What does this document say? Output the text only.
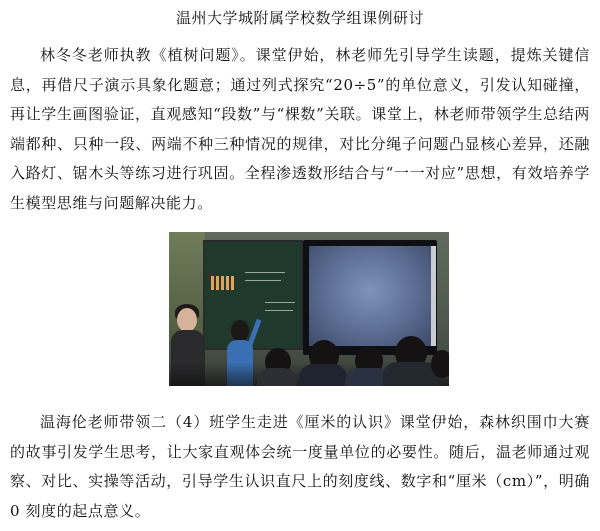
温州大学城附属学校数学组课例研讨

林冬冬老师执教《植树问题》。课堂伊始，林老师先引导学生读题，提炼关键信息，再借尺子演示具象化题意；通过列式探究“20÷5”的单位意义，引发认知碰撞，再让学生画图验证，直观感知“段数”与“棵数”关联。课堂上，林老师带领学生总结两端都种、只种一段、两端不种三种情况的规律，对比分绳子问题凸显核心差异，还融入路灯、锯木头等练习进行巩固。全程渗透数形结合与“一一对应”思想，有效培养学生模型思维与问题解决能力。

温海伦老师带领二（4）班学生走进《厘米的认识》课堂伊始，森林织围巾大赛的故事引发学生思考，让大家直观体会统一度量单位的必要性。随后，温老师通过观察、对比、实操等活动，引导学生认识直尺上的刻度线、数字和“厘米（cm）”，明确 0 刻度的起点意义。
